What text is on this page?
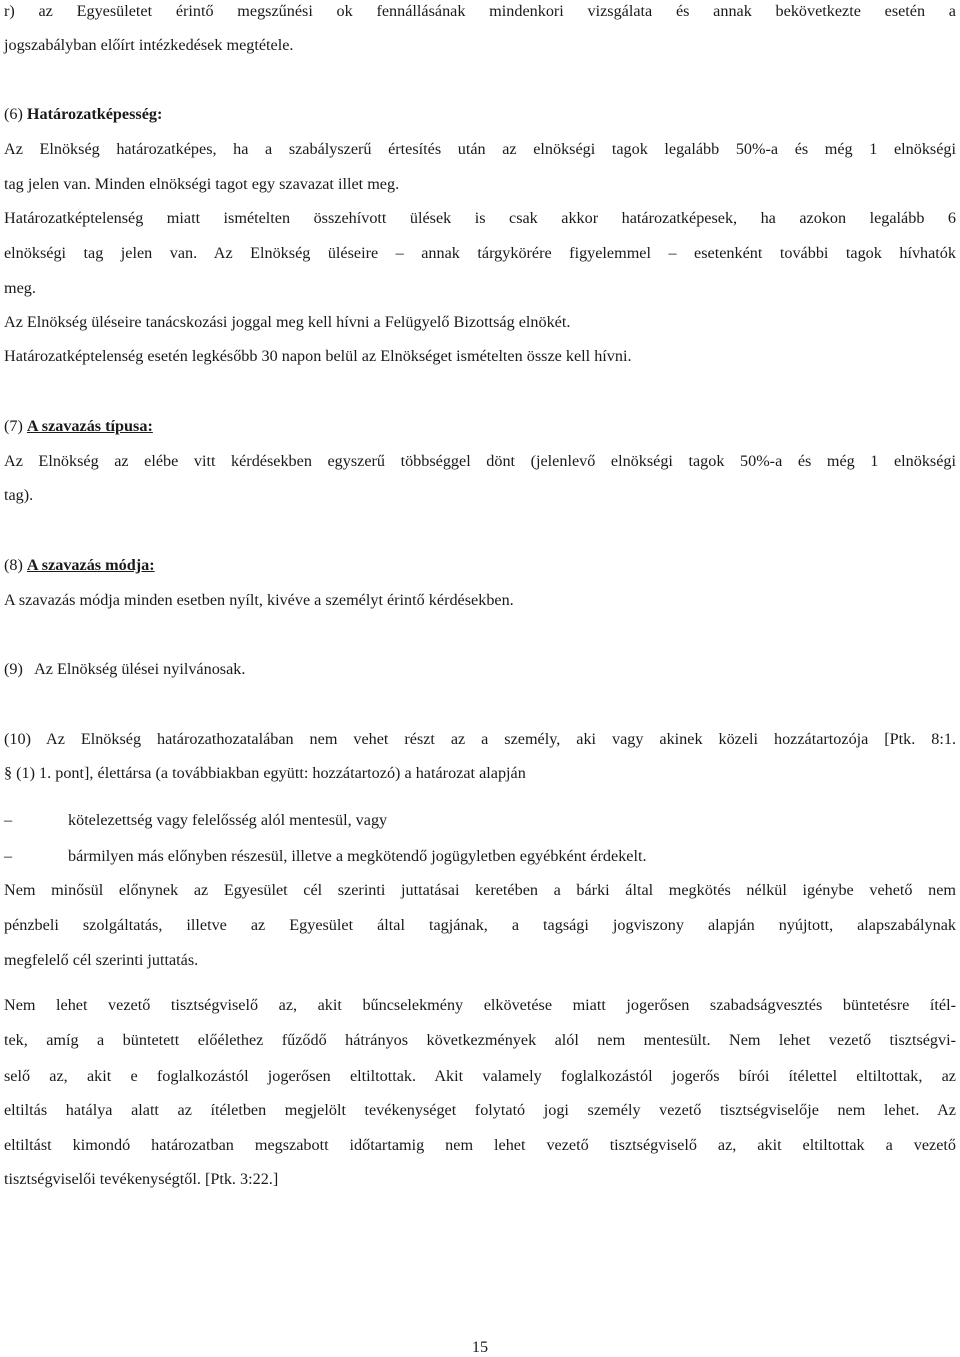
r) az Egyesületet érintő megszűnési ok fennállásának mindenkori vizsgálata és annak bekövetkezte esetén a
jogszabályban előírt intézkedések megtétele.
(6) Határozatképesség:
Az Elnökség határozatképes, ha a szabályszerű értesítés után az elnökségi tagok legalább 50%-a és még 1 elnökségi
tag jelen van. Minden elnökségi tagot egy szavazat illet meg.
Határozatképtelenség miatt ismételten összehívott ülések is csak akkor határozatképesek, ha azokon legalább 6
elnökségi tag jelen van. Az Elnökség üléseire – annak tárgykörére figyelemmel – esetenként további tagok hívhatók
meg.
Az Elnökség üléseire tanácskozási joggal meg kell hívni a Felügyelő Bizottság elnökét.
Határozatképtelenség esetén legkésőbb 30 napon belül az Elnökséget ismételten össze kell hívni.
(7) A szavazás típusa:
Az Elnökség az elébe vitt kérdésekben egyszerű többséggel dönt (jelenlevő elnökségi tagok 50%-a és még 1 elnökségi
tag).
(8) A szavazás módja:
A szavazás módja minden esetben nyílt, kivéve a személyt érintő kérdésekben.
(9)   Az Elnökség ülései nyilvánosak.
(10) Az Elnökség határozathozatalában nem vehet részt az a személy, aki vagy akinek közeli hozzátartozója [Ptk. 8:1.
§ (1) 1. pont], élettársa (a továbbiakban együtt: hozzátartozó) a határozat alapján
–	kötelezettség vagy felelősség alól mentesül, vagy
–	bármilyen más előnyben részesül, illetve a megkötendő jogügyletben egyébként érdekelt.
Nem minősül előnynek az Egyesület cél szerinti juttatásai keretében a bárki által megkötés nélkül igénybe vehető nem
pénzbeli szolgáltatás, illetve az Egyesület által tagjának, a tagsági jogviszony alapján nyújtott, alapszabálynak
megfelelő cél szerinti juttatás.
Nem lehet vezető tisztségviselő az, akit bűncselekmény elkövetése miatt jogerősen szabadságvesztés büntetésre ítél-
tek, amíg a büntetett előélethez fűződő hátrányos következmények alól nem mentesült. Nem lehet vezető tisztségvi-
selő az, akit e foglalkozástól jogerősen eltiltottak. Akit valamely foglalkozástól jogerős bírói ítélettel eltiltottak, az
eltiltás hatálya alatt az ítéletben megjelölt tevékenységet folytató jogi személy vezető tisztségviselője nem lehet. Az
eltiltást kimondó határozatban megszabott időtartamig nem lehet vezető tisztségviselő az, akit eltiltottak a vezető
tisztségviselői tevékenységtől. [Ptk. 3:22.]
15
